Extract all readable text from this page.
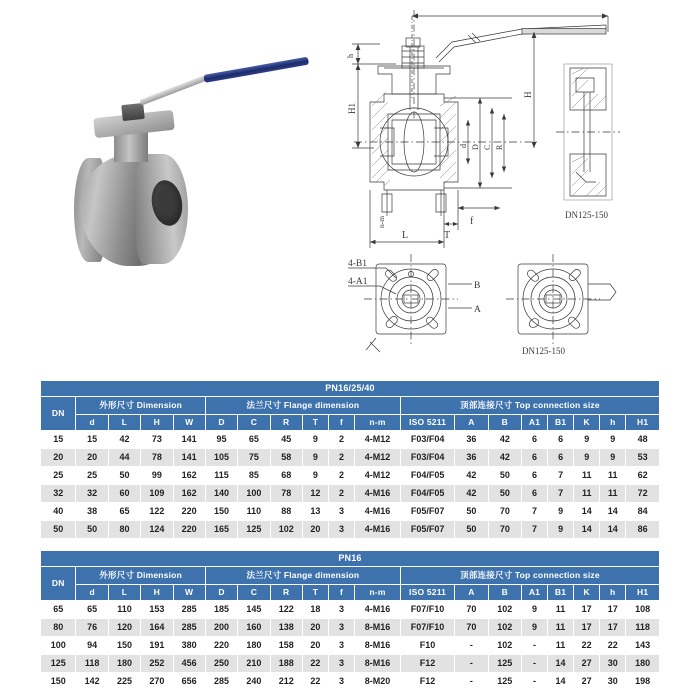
h
H1
H
d D C R
f
T
L
n-m
DN125-150
4-B1
4-A1	B
A
DN125-150
PN16/25/40																		
DN	外形尺寸 Dimension				法兰尺寸 Flange dimension						顶部连接尺寸 Top connection size							
	d	L	H	W	D	C	R	T	f	n-m	ISO 5211	A	B	A1	B1	K	h	H1
15	15	42	73	141	95	65	45	9	2	4-M12	F03/F04	36	42	6	6	9	9	48
20	20	44	78	141	105	75	58	9	2	4-M12	F03/F04	36	42	6	6	9	9	53
25	25	50	99	162	115	85	68	9	2	4-M12	F04/F05	42	50	6	7	11	11	62
32	32	60	109	162	140	100	78	12	2	4-M16	F04/F05	42	50	6	7	11	11	72
40	38	65	122	220	150	110	88	13	3	4-M16	F05/F07	50	70	7	9	14	14	84
50	50	80	124	220	165	125	102	20	3	4-M16	F05/F07	50	70	7	9	14	14	86
PN16																		
DN	外形尺寸 Dimension				法兰尺寸 Flange dimension						顶部连接尺寸 Top connection size							
	d	L	H	W	D	C	R	T	f	n-m	ISO 5211	A	B	A1	B1	K	h	H1
65	65	110	153	285	185	145	122	18	3	4-M16	F07/F10	70	102	9	11	17	17	108
80	76	120	164	285	200	160	138	20	3	8-M16	F07/F10	70	102	9	11	17	17	118
100	94	150	191	380	220	180	158	20	3	8-M16	F10	-	102	-	11	22	22	143
125	118	180	252	456	250	210	188	22	3	8-M16	F12	-	125	-	14	27	30	180
150	142	225	270	656	285	240	212	22	3	8-M20	F12	-	125	-	14	27	30	198
